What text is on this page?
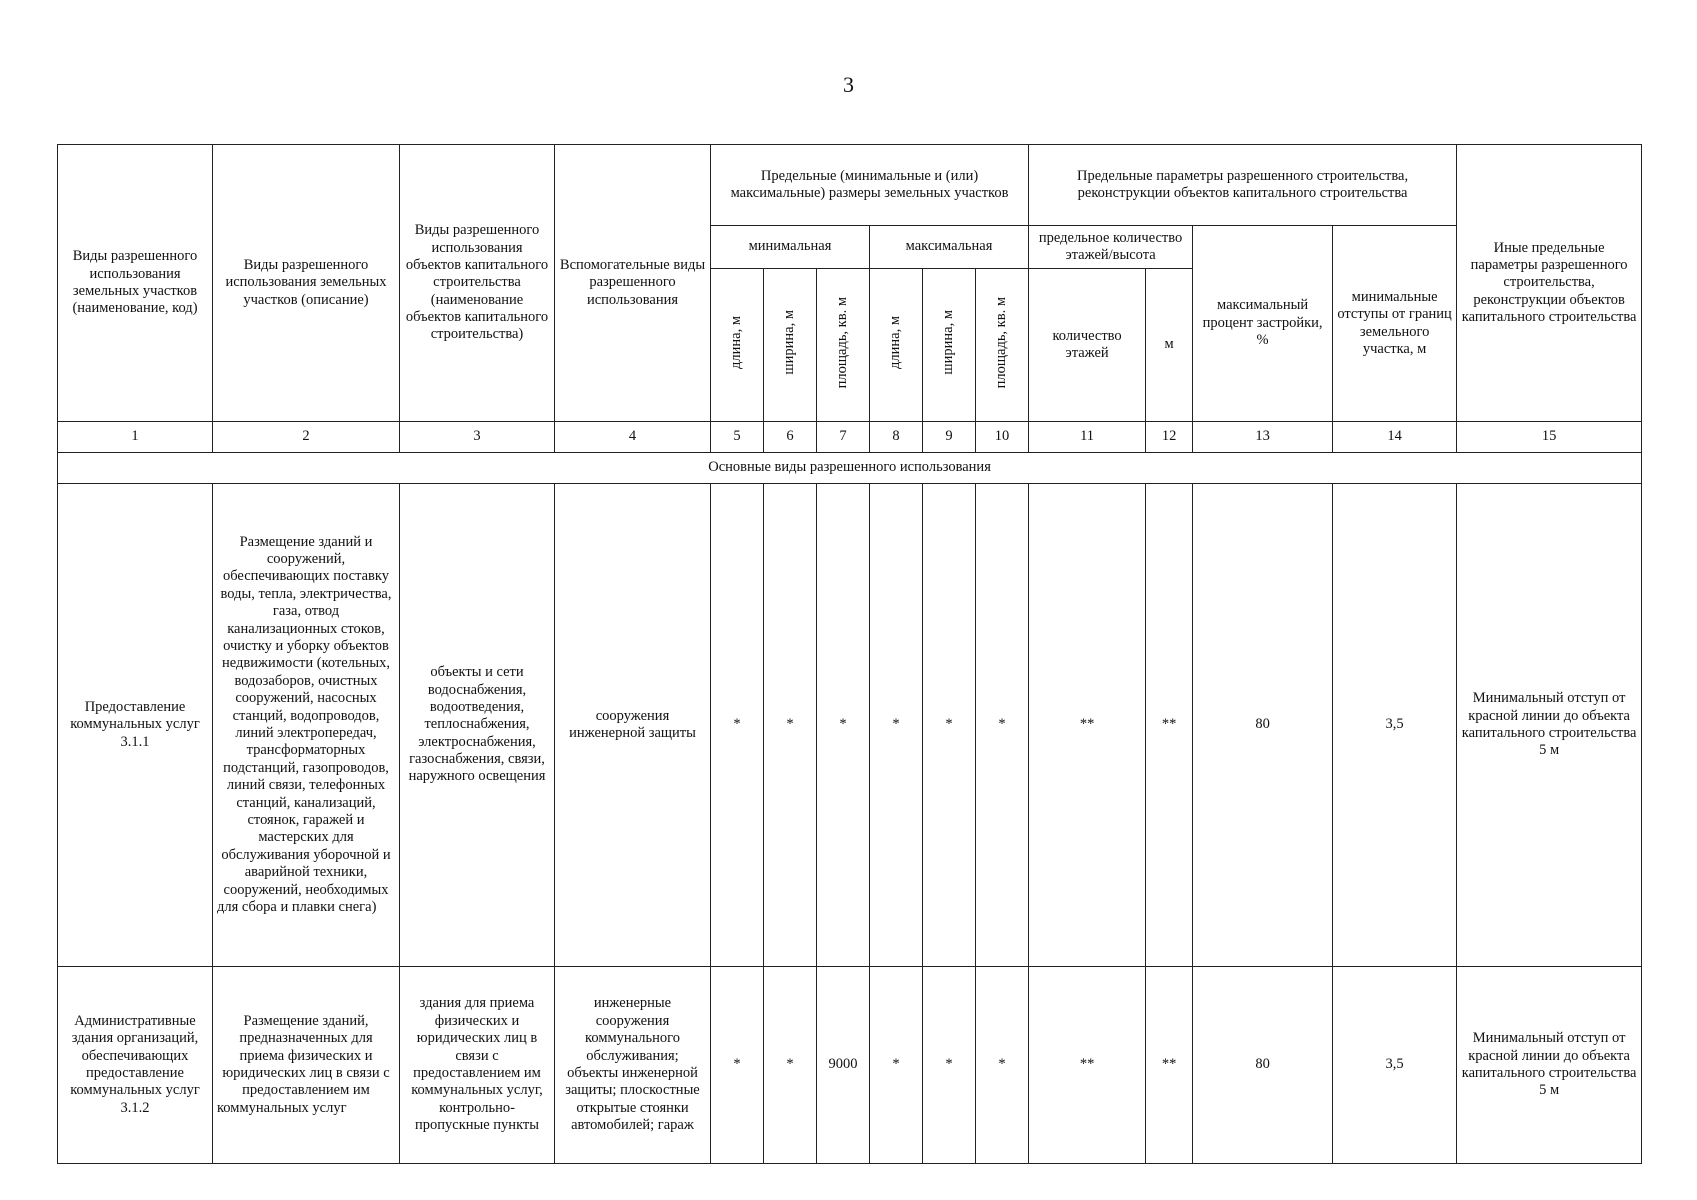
3
Виды разрешенного использования земельных участков (наименование, код)	Виды разрешенного использования земельных участков (описание)	Виды разрешенного использования объектов капитального строительства (наименование объектов капитального строительства)	Вспомогательные виды разрешенного использования	Предельные (минимальные и (или) максимальные) размеры земельных участков						Предельные параметры разрешенного строительства, реконструкции объектов капитального строительства				Иные предельные параметры разрешенного строительства, реконструкции объектов капитального строительства
				минимальная			максимальная			предельное количество этажей/высота		максимальный процент застройки, %	минимальные отступы от границ земельного участка, м	
				длина, м	ширина, м	площадь, кв. м	длина, м	ширина, м	площадь, кв. м	количество этажей	м			
1	2	3	4	5	6	7	8	9	10	11	12	13	14	15
Основные виды разрешенного использования														
Предоставление коммунальных услуг 3.1.1	Размещение зданий и сооружений, обеспечивающих поставку воды, тепла, электричества, газа, отвод канализационных стоков, очистку и уборку объектов недвижимости (котельных, водозаборов, очистных сооружений, насосных станций, водопроводов, линий электропередач, трансформаторных подстанций, газопроводов, линий связи, телефонных станций, канализаций, стоянок, гаражей и мастерских для обслуживания уборочной и аварийной техники, сооружений, необходимых для сбора и плавки снега)	объекты и сети водоснабжения, водоотведения, теплоснабжения, электроснабжения, газоснабжения, связи, наружного освещения	сооружения инженерной защиты	*	*	*	*	*	*	**	**	80	3,5	Минимальный отступ от красной линии до объекта капитального строительства 5 м
Административные здания организаций, обеспечивающих предоставление коммунальных услуг 3.1.2	Размещение зданий, предназначенных для приема физических и юридических лиц в связи с предоставлением им коммунальных услуг	здания для приема физических и юридических лиц в связи с предоставлением им коммунальных услуг, контрольно-пропускные пункты	инженерные сооружения коммунального обслуживания; объекты инженерной защиты; плоскостные открытые стоянки автомобилей; гараж	*	*	9000	*	*	*	**	**	80	3,5	Минимальный отступ от красной линии до объекта капитального строительства 5 м
